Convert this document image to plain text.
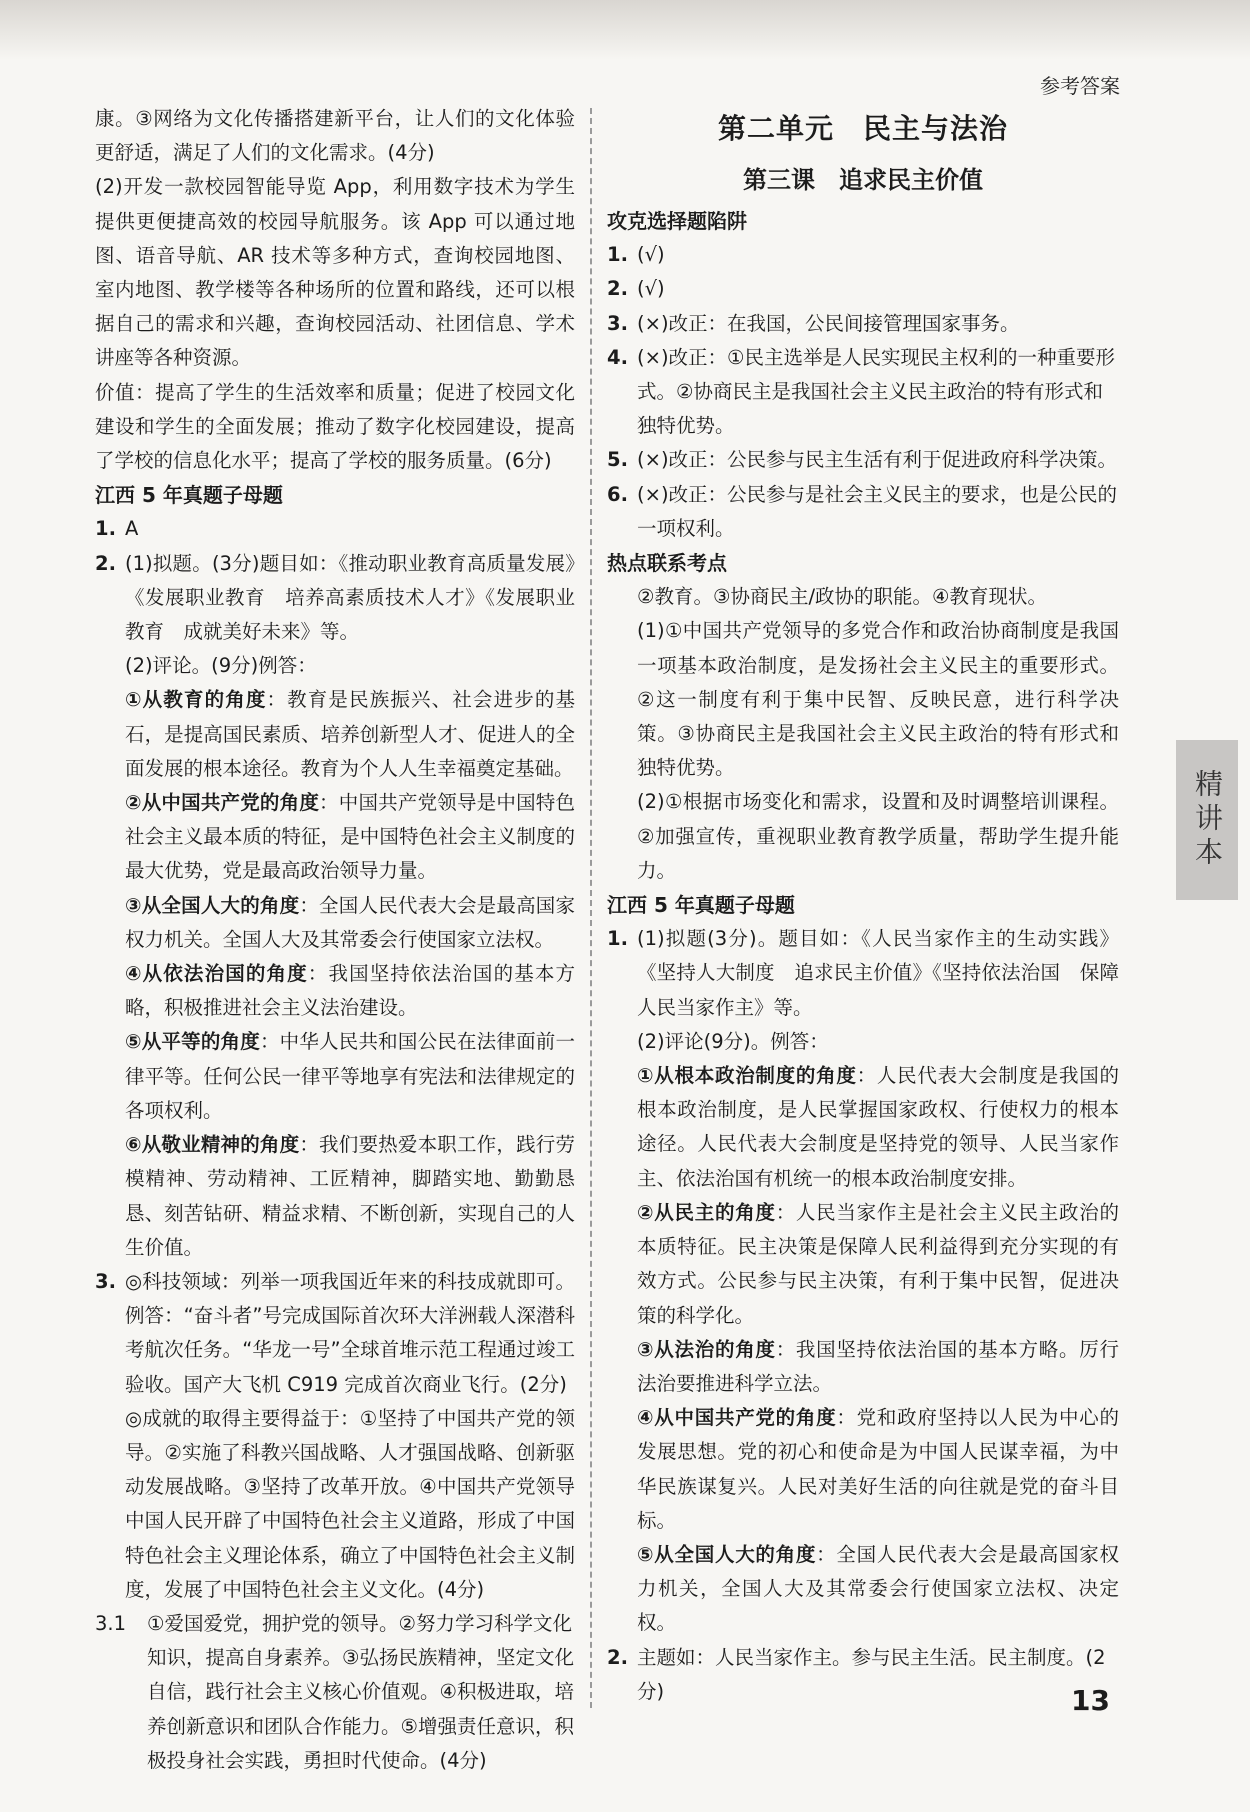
参考答案

康。③网络为文化传播搭建新平台，让人们的文化体验更舒适，满足了人们的文化需求。(4分)

(2)开发一款校园智能导览 App，利用数字技术为学生提供更便捷高效的校园导航服务。该 App 可以通过地图、语音导航、AR 技术等多种方式，查询校园地图、室内地图、教学楼等各种场所的位置和路线，还可以根据自己的需求和兴趣，查询校园活动、社团信息、学术讲座等各种资源。

价值：提高了学生的生活效率和质量；促进了校园文化建设和学生的全面发展；推动了数字化校园建设，提高了学校的信息化水平；提高了学校的服务质量。(6分)

江西 5 年真题子母题

1. A
2. (1)拟题。(3分)题目如：《推动职业教育高质量发展》《发展职业教育　培养高素质技术人才》《发展职业教育　成就美好未来》等。

(2)评论。(9分)例答：

①从教育的角度：教育是民族振兴、社会进步的基石，是提高国民素质、培养创新型人才、促进人的全面发展的根本途径。教育为个人人生幸福奠定基础。

②从中国共产党的角度：中国共产党领导是中国特色社会主义最本质的特征，是中国特色社会主义制度的最大优势，党是最高政治领导力量。

③从全国人大的角度：全国人民代表大会是最高国家权力机关。全国人大及其常委会行使国家立法权。

④从依法治国的角度：我国坚持依法治国的基本方略，积极推进社会主义法治建设。

⑤从平等的角度：中华人民共和国公民在法律面前一律平等。任何公民一律平等地享有宪法和法律规定的各项权利。

⑥从敬业精神的角度：我们要热爱本职工作，践行劳模精神、劳动精神、工匠精神，脚踏实地、勤勤恳恳、刻苦钻研、精益求精、不断创新，实现自己的人生价值。

3. ◎科技领域：列举一项我国近年来的科技成就即可。例答：“奋斗者”号完成国际首次环大洋洲载人深潜科考航次任务。“华龙一号”全球首堆示范工程通过竣工验收。国产大飞机 C919 完成首次商业飞行。(2分)

◎成就的取得主要得益于：①坚持了中国共产党的领导。②实施了科教兴国战略、人才强国战略、创新驱动发展战略。③坚持了改革开放。④中国共产党领导中国人民开辟了中国特色社会主义道路，形成了中国特色社会主义理论体系，确立了中国特色社会主义制度，发展了中国特色社会主义文化。(4分)

3.1	①爱国爱党，拥护党的领导。②努力学习科学文化知识，提高自身素养。③弘扬民族精神，坚定文化自信，践行社会主义核心价值观。④积极进取，培养创新意识和团队合作能力。⑤增强责任意识，积极投身社会实践，勇担时代使命。(4分)

第二单元　民主与法治

第三课　追求民主价值

攻克选择题陷阱

1. (√)
2. (√)
3. (×)改正：在我国，公民间接管理国家事务。
4. (×)改正：①民主选举是人民实现民主权利的一种重要形式。②协商民主是我国社会主义民主政治的特有形式和独特优势。
5. (×)改正：公民参与民主生活有利于促进政府科学决策。
6. (×)改正：公民参与是社会主义民主的要求，也是公民的一项权利。

热点联系考点

②教育。③协商民主/政协的职能。④教育现状。

(1)①中国共产党领导的多党合作和政治协商制度是我国一项基本政治制度，是发扬社会主义民主的重要形式。②这一制度有利于集中民智、反映民意，进行科学决策。③协商民主是我国社会主义民主政治的特有形式和独特优势。

(2)①根据市场变化和需求，设置和及时调整培训课程。②加强宣传，重视职业教育教学质量，帮助学生提升能力。

江西 5 年真题子母题

1. (1)拟题(3分)。题目如：《人民当家作主的生动实践》《坚持人大制度　追求民主价值》《坚持依法治国　保障人民当家作主》等。

(2)评论(9分)。例答：

①从根本政治制度的角度：人民代表大会制度是我国的根本政治制度，是人民掌握国家政权、行使权力的根本途径。人民代表大会制度是坚持党的领导、人民当家作主、依法治国有机统一的根本政治制度安排。

②从民主的角度：人民当家作主是社会主义民主政治的本质特征。民主决策是保障人民利益得到充分实现的有效方式。公民参与民主决策，有利于集中民智，促进决策的科学化。

③从法治的角度：我国坚持依法治国的基本方略。厉行法治要推进科学立法。

④从中国共产党的角度：党和政府坚持以人民为中心的发展思想。党的初心和使命是为中国人民谋幸福，为中华民族谋复兴。人民对美好生活的向往就是党的奋斗目标。

⑤从全国人大的角度：全国人民代表大会是最高国家权力机关，全国人大及其常委会行使国家立法权、决定权。

2. 主题如：人民当家作主。参与民主生活。民主制度。(2分)
精讲本
13
